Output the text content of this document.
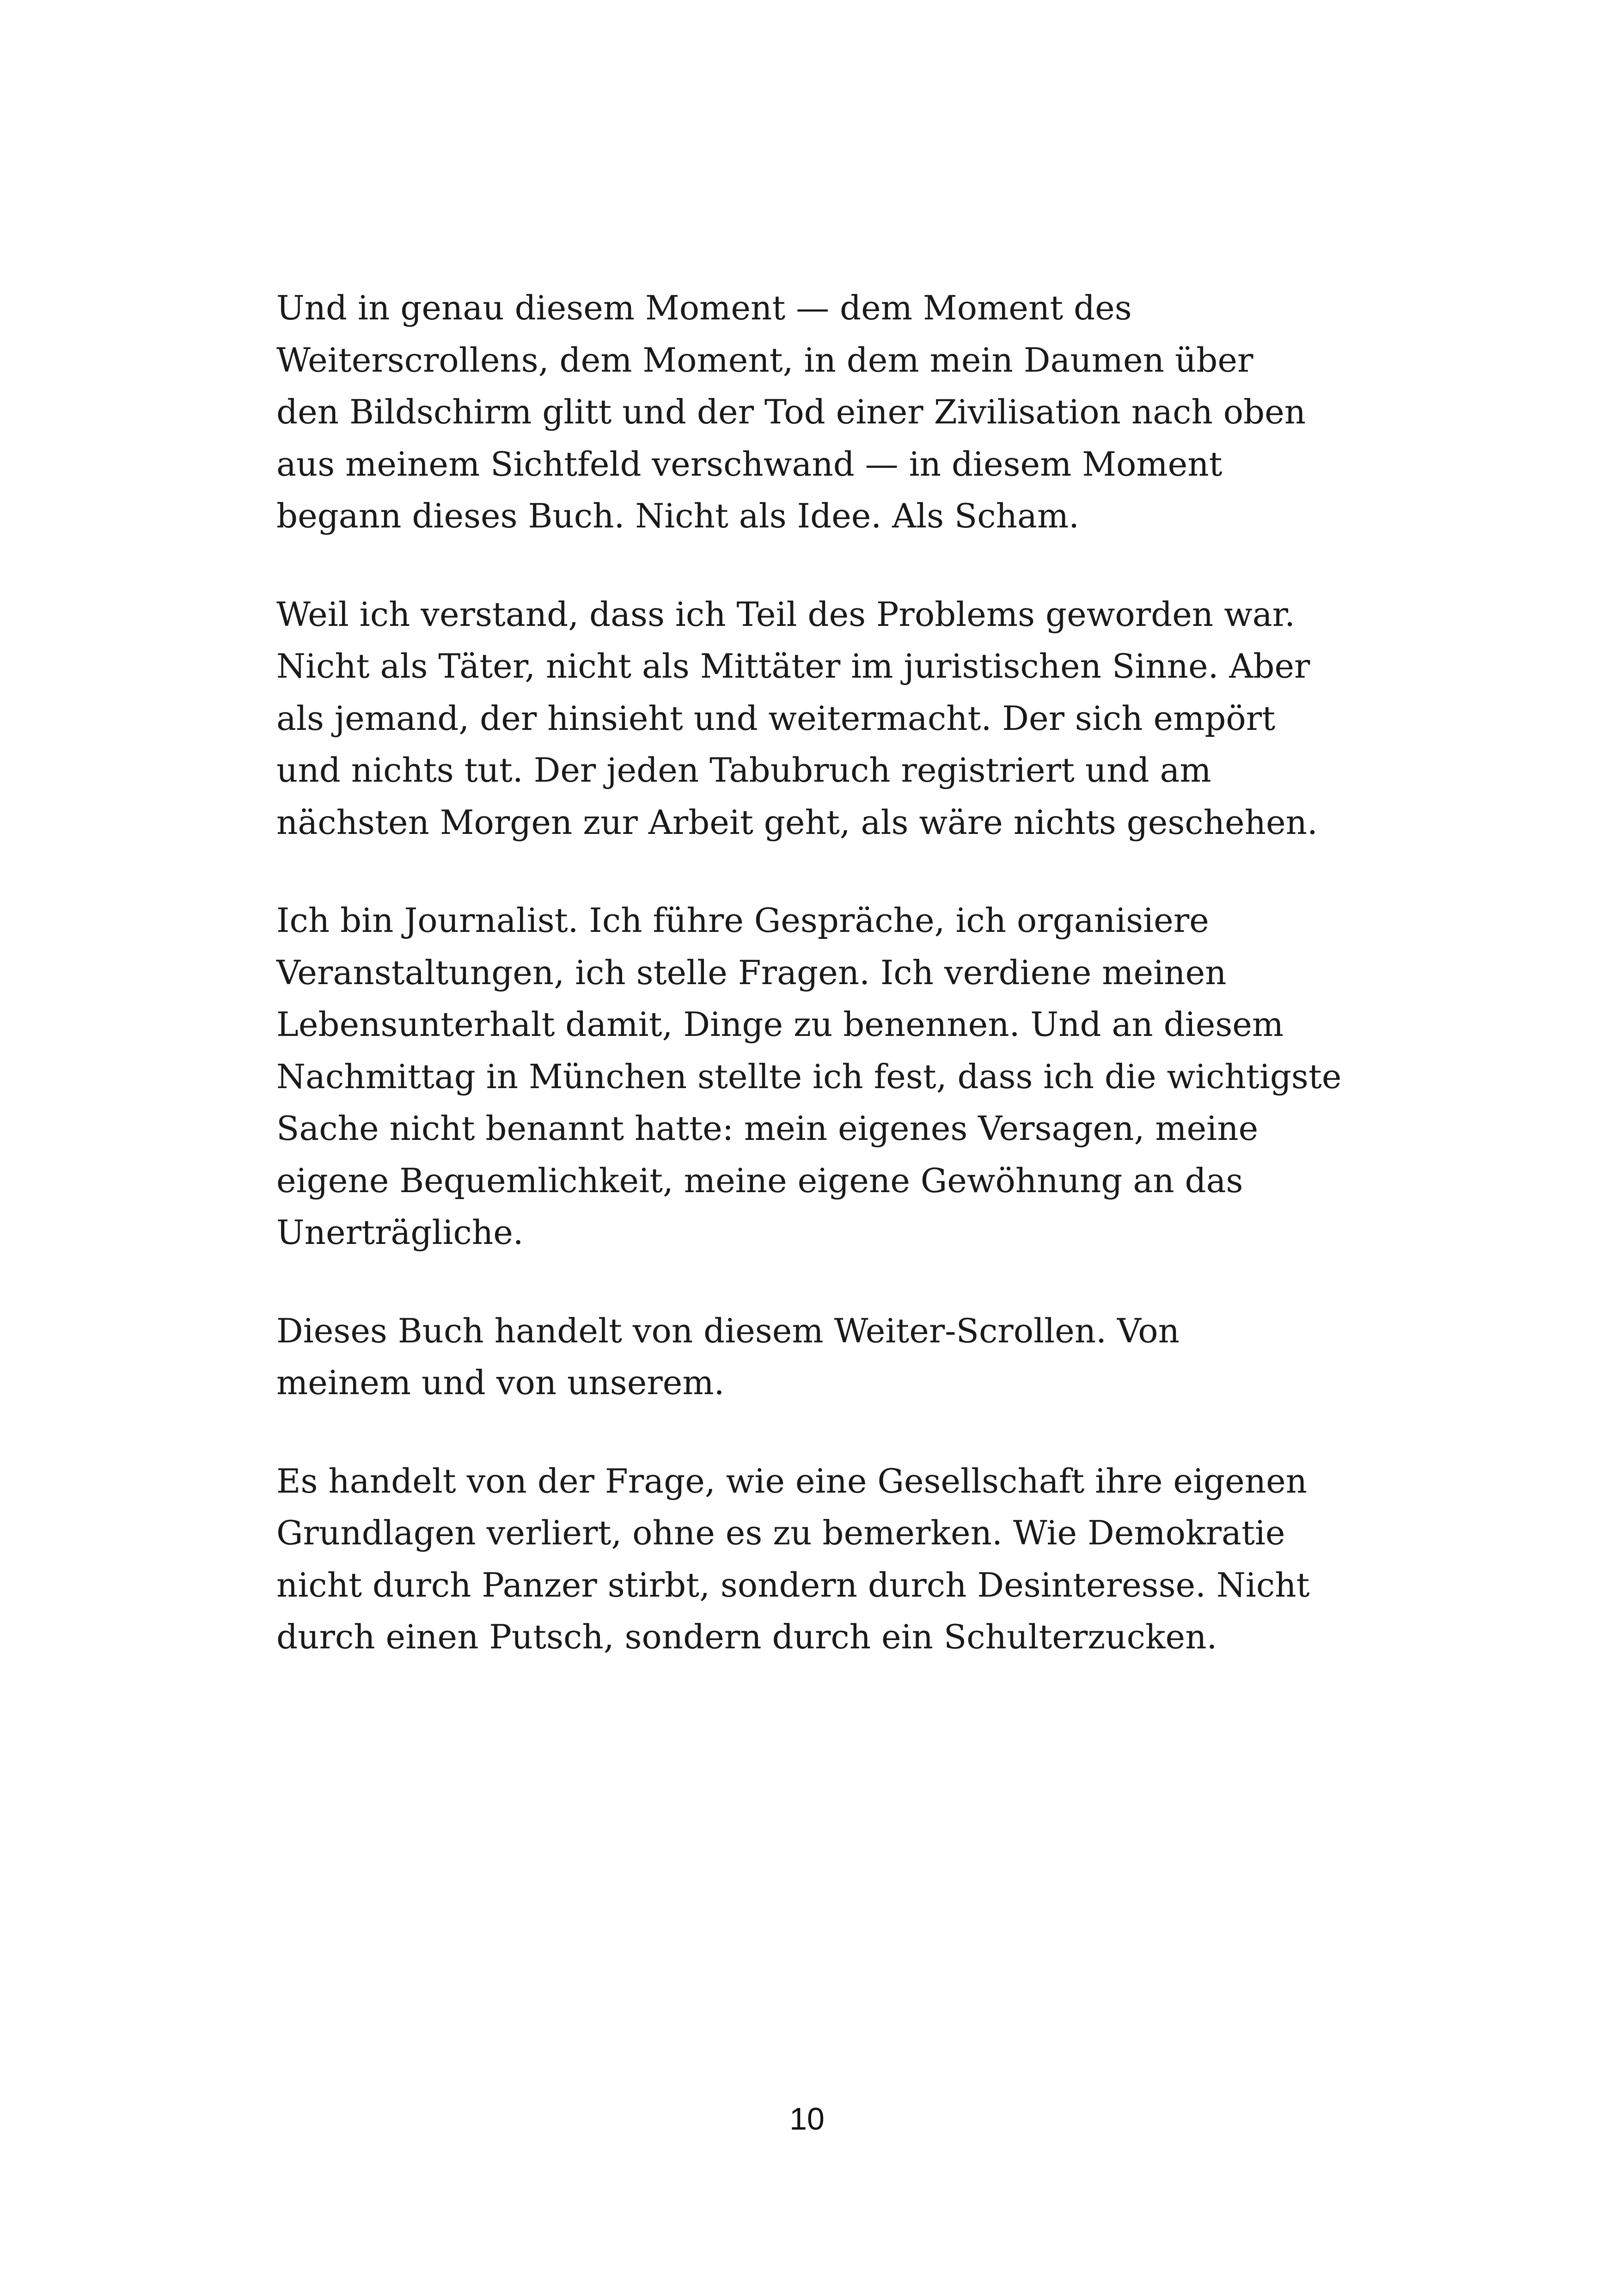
Und in genau diesem Moment — dem Moment des
Weiterscrollens, dem Moment, in dem mein Daumen über
den Bildschirm glitt und der Tod einer Zivilisation nach oben
aus meinem Sichtfeld verschwand — in diesem Moment
begann dieses Buch. Nicht als Idee. Als Scham.

Weil ich verstand, dass ich Teil des Problems geworden war.
Nicht als Täter, nicht als Mittäter im juristischen Sinne. Aber
als jemand, der hinsieht und weitermacht. Der sich empört
und nichts tut. Der jeden Tabubruch registriert und am
nächsten Morgen zur Arbeit geht, als wäre nichts geschehen.

Ich bin Journalist. Ich führe Gespräche, ich organisiere
Veranstaltungen, ich stelle Fragen. Ich verdiene meinen
Lebensunterhalt damit, Dinge zu benennen. Und an diesem
Nachmittag in München stellte ich fest, dass ich die wichtigste
Sache nicht benannt hatte: mein eigenes Versagen, meine
eigene Bequemlichkeit, meine eigene Gewöhnung an das
Unerträgliche.

Dieses Buch handelt von diesem Weiter-Scrollen. Von
meinem und von unserem.

Es handelt von der Frage, wie eine Gesellschaft ihre eigenen
Grundlagen verliert, ohne es zu bemerken. Wie Demokratie
nicht durch Panzer stirbt, sondern durch Desinteresse. Nicht
durch einen Putsch, sondern durch ein Schulterzucken.

10
